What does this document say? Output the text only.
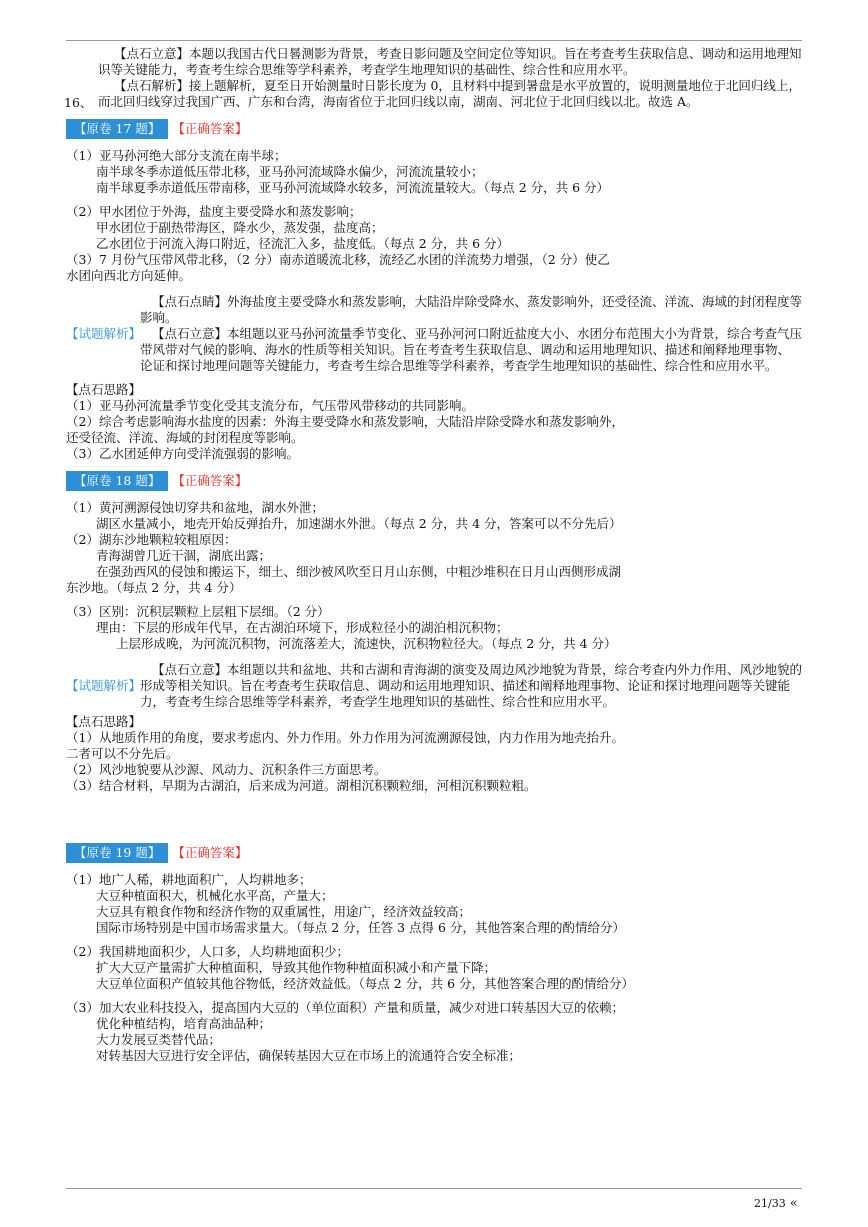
16、

【点石立意】本题以我国古代日晷测影为背景，考查日影问题及空间定位等知识。旨在考查考生获取信息、调动和运用地理知识等关键能力，考查考生综合思维等学科素养，考查学生地理知识的基础性、综合性和应用水平。

【点石解析】接上题解析，夏至日开始测量时日影长度为 0，且材料中提到暑盘是水平放置的，说明测量地位于北回归线上，而北回归线穿过我国广西、广东和台湾，海南省位于北回归线以南，湖南、河北位于北回归线以北。故选 A。

【原卷 17 题】 【正确答案】

（1）亚马孙河绝大部分支流在南半球；

南半球冬季赤道低压带北移，亚马孙河流域降水偏少，河流流量较小；

南半球夏季赤道低压带南移，亚马孙河流域降水较多，河流流量较大。（每点 2 分，共 6 分）

（2）甲水团位于外海，盐度主要受降水和蒸发影响；

甲水团位于副热带海区，降水少，蒸发强，盐度高；

乙水团位于河流入海口附近，径流汇入多，盐度低。（每点 2 分，共 6 分）

（3）7 月份气压带风带北移，（2 分）南赤道暖流北移，流经乙水团的洋流势力增强，（2 分）使乙

水团向西北方向延伸。

【试题解析】

【点石点睛】外海盐度主要受降水和蒸发影响，大陆沿岸除受降水、蒸发影响外，还受径流、洋流、海域的封闭程度等影响。

【点石立意】本组题以亚马孙河流量季节变化、亚马孙河河口附近盐度大小、水团分布范围大小为背景，综合考查气压带风带对气候的影响、海水的性质等相关知识。旨在考查考生获取信息、调动和运用地理知识、描述和阐释地理事物、论证和探讨地理问题等关键能力，考查考生综合思维等学科素养，考查学生地理知识的基础性、综合性和应用水平。

【点石思路】

（1）亚马孙河流量季节变化受其支流分布，气压带风带移动的共同影响。

（2）综合考虑影响海水盐度的因素：外海主要受降水和蒸发影响，大陆沿岸除受降水和蒸发影响外，

还受径流、洋流、海域的封闭程度等影响。

（3）乙水团延伸方向受洋流强弱的影响。

【原卷 18 题】 【正确答案】

（1）黄河溯源侵蚀切穿共和盆地，湖水外泄；

湖区水量减小，地壳开始反弹抬升，加速湖水外泄。（每点 2 分，共 4 分，答案可以不分先后）

（2）湖东沙地颗粒较粗原因：

青海湖曾几近干涸，湖底出露；

在强劲西风的侵蚀和搬运下，细土、细沙被风吹至日月山东侧，中粗沙堆积在日月山西侧形成湖

东沙地。（每点 2 分，共 4 分）

（3）区别：沉积层颗粒上层粗下层细。（2 分）

理由：下层的形成年代早，在古湖泊环境下，形成粒径小的湖泊相沉积物；

上层形成晚，为河流沉积物，河流落差大，流速快，沉积物粒径大。（每点 2 分，共 4 分）

【试题解析】

【点石立意】本组题以共和盆地、共和古湖和青海湖的演变及周边风沙地貌为背景，综合考查内外力作用、风沙地貌的形成等相关知识。旨在考查考生获取信息、调动和运用地理知识、描述和阐释地理事物、论证和探讨地理问题等关键能力，考查考生综合思维等学科素养，考查学生地理知识的基础性、综合性和应用水平。

【点石思路】

（1）从地质作用的角度，要求考虑内、外力作用。外力作用为河流溯源侵蚀，内力作用为地壳抬升。

二者可以不分先后。

（2）风沙地貌要从沙源、风动力、沉积条件三方面思考。

（3）结合材料，早期为古湖泊，后来成为河道。湖相沉积颗粒细，河相沉积颗粒粗。

【原卷 19 题】 【正确答案】

（1）地广人稀，耕地面积广，人均耕地多；

大豆种植面积大，机械化水平高，产量大；

大豆具有粮食作物和经济作物的双重属性，用途广，经济效益较高；

国际市场特别是中国市场需求量大。（每点 2 分，任答 3 点得 6 分，其他答案合理的酌情给分）

（2）我国耕地面积少，人口多，人均耕地面积少；

扩大大豆产量需扩大种植面积，导致其他作物种植面积减小和产量下降；

大豆单位面积产值较其他谷物低，经济效益低。（每点 2 分，共 6 分，其他答案合理的酌情给分）

（3）加大农业科技投入，提高国内大豆的（单位面积）产量和质量，减少对进口转基因大豆的依赖；

优化种植结构，培育高油品种；

大力发展豆类替代品；

对转基因大豆进行安全评估，确保转基因大豆在市场上的流通符合安全标准；

21/33 «
